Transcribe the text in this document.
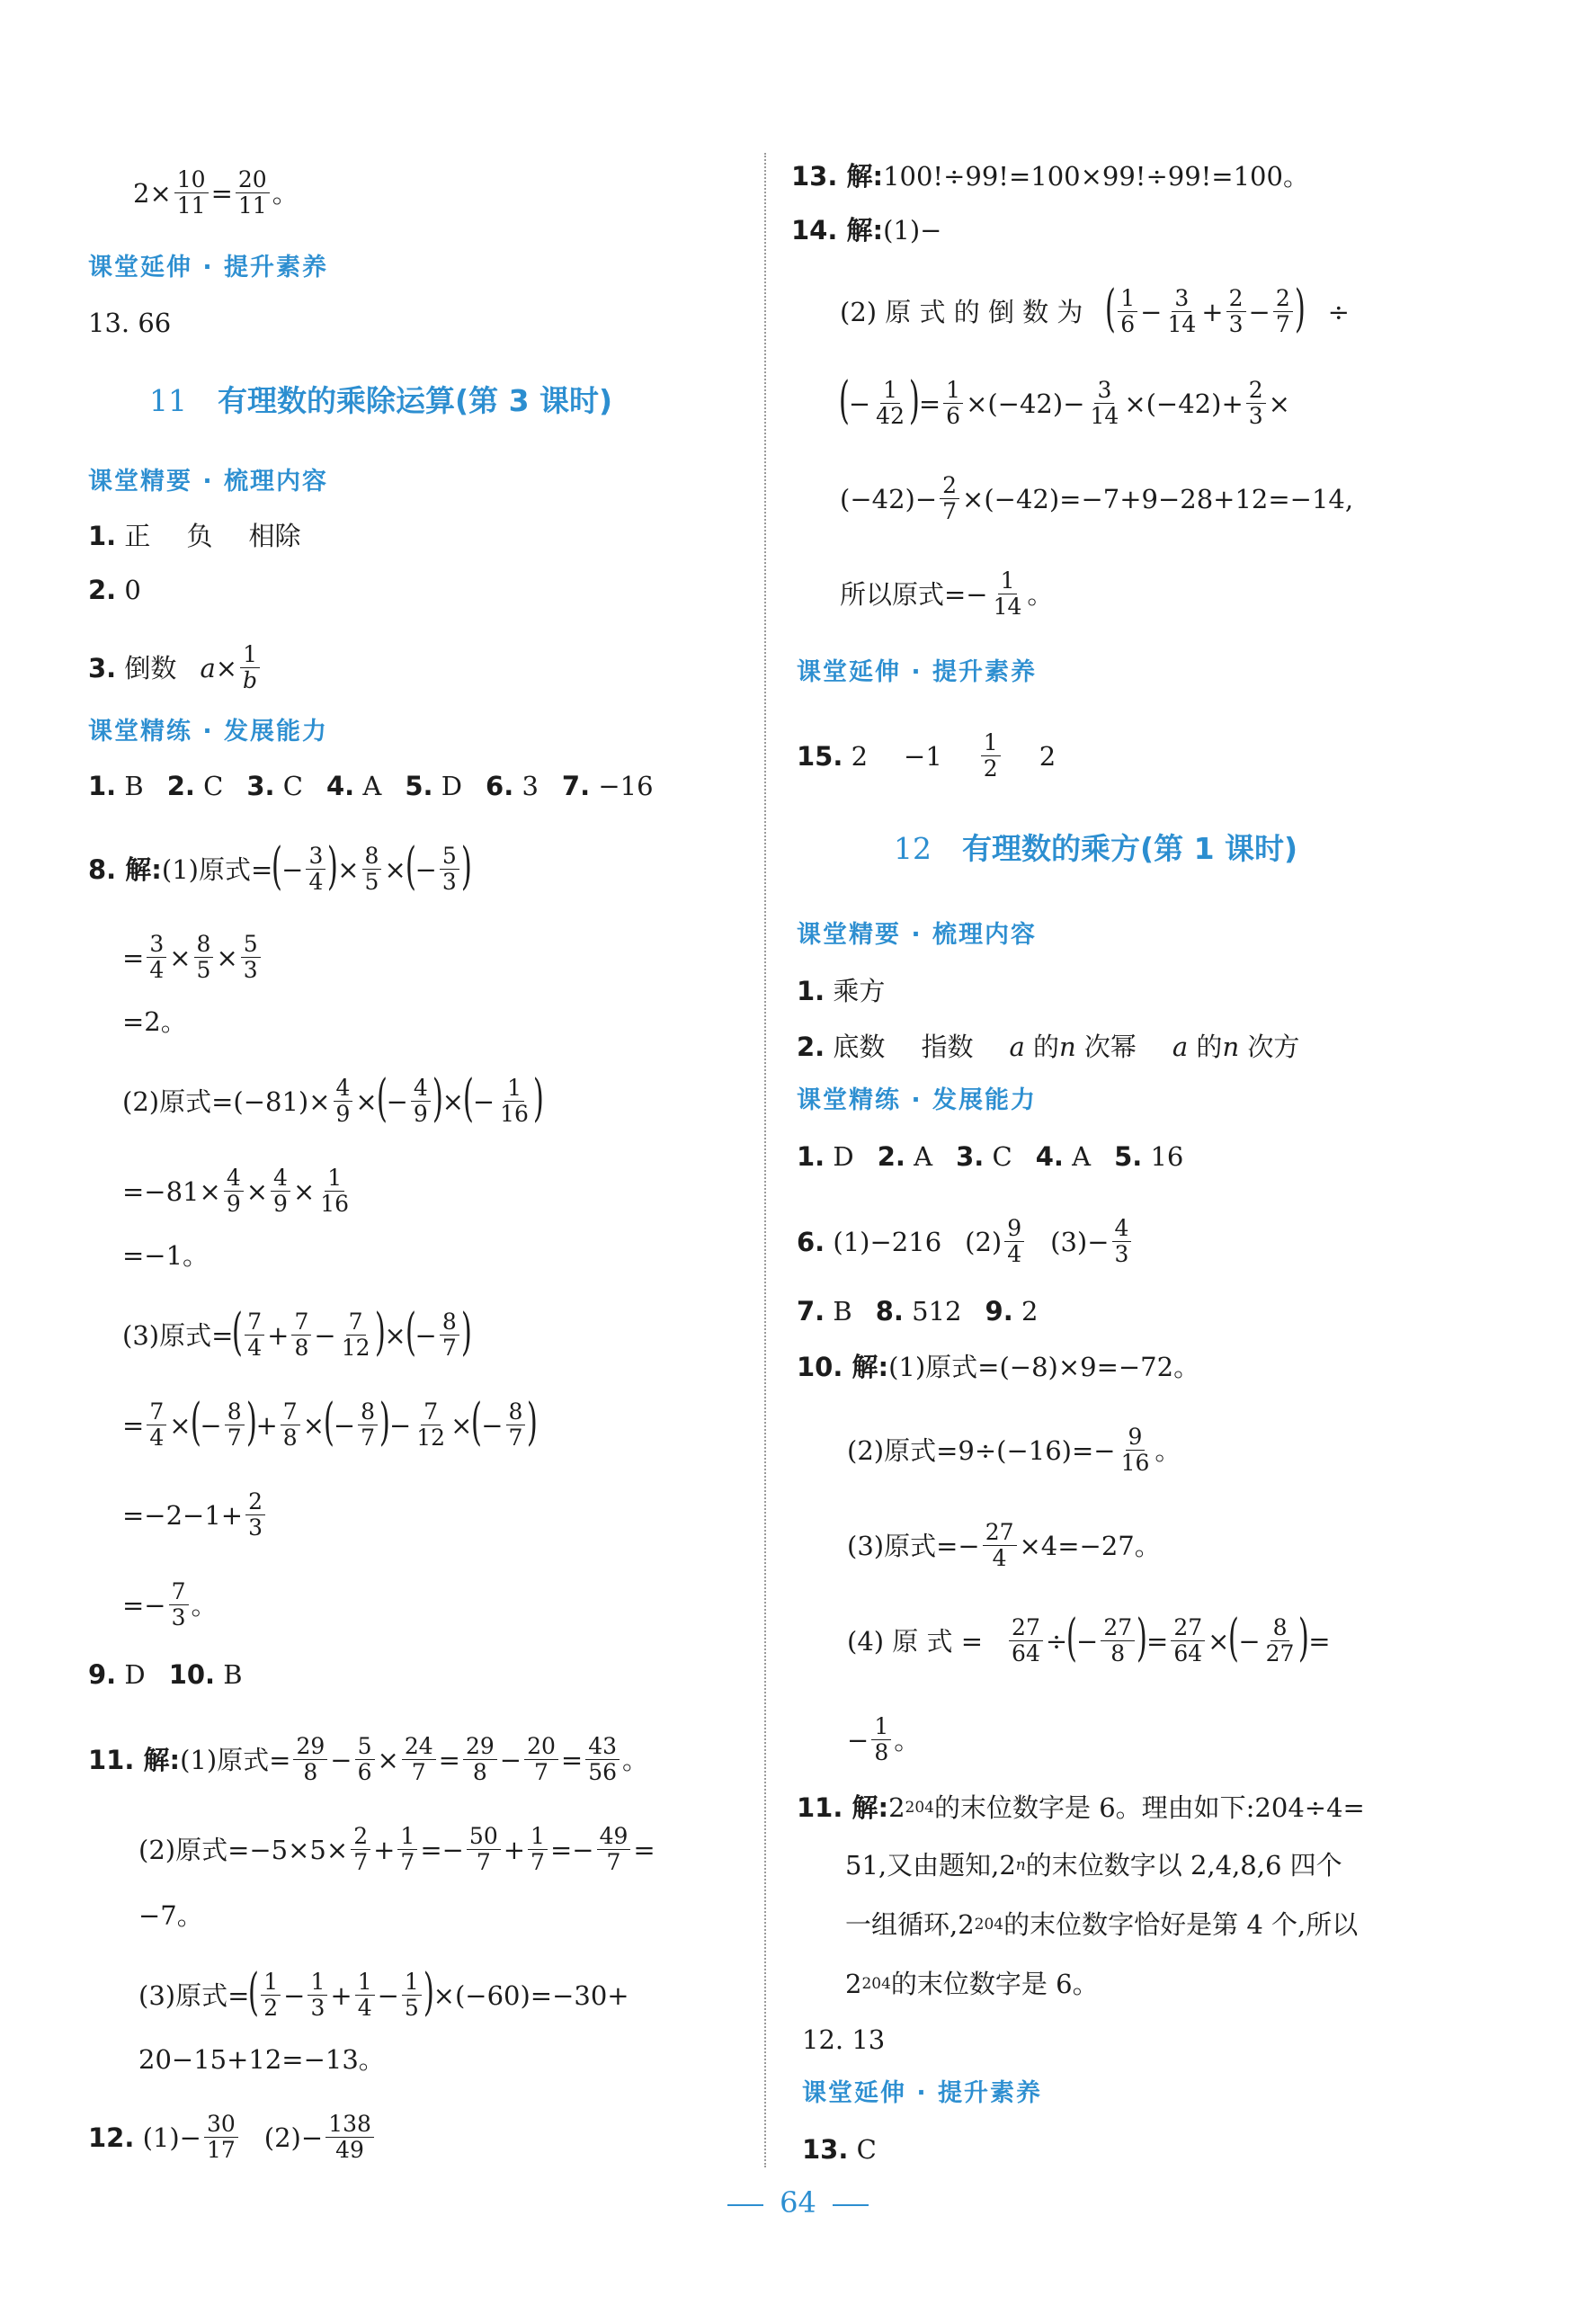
$2\times \frac{10}{11} = \frac{20}{11}$ 。
课堂延伸 · 提升素养
13. 66
11 有理数的乘除运算(第 3 课时)
课堂精要 · 梳理内容
1.
正 负 相除
2.
0
3.
倒数 $a\times \frac{1}{b}$
课堂精练 · 发展能力
1.
B 2.
C 3.
C 4.
A 5.
D 6.
3 7.
−16
8. 解: (1)原式=
(
− $\frac{3}{4}$ )
× $\frac{8}{5}$ ×
(
− $\frac{5}{3}$ )
= $\frac{3}{4} \times \frac{8}{5} \times \frac{5}{3}$
=2。
(2)原式$=(-81)\times \frac{4}{9}$ ×
(
− $\frac{4}{9}$ )
×
(
− $\frac{1}{16}$ )
$=-81\times \frac{4}{9} \times \frac{4}{9} \times \frac{1}{16}$
=−1。
(3)原式=
( $\frac{7}{4} + \frac{7}{8} - \frac{7}{12}$ )
×
(
− $\frac{8}{7}$ )
= $\frac{7}{4}$ ×
(
− $\frac{8}{7}$ )
+ $\frac{7}{8}$ ×
(
− $\frac{8}{7}$ )
− $\frac{7}{12}$ ×
(
− $\frac{8}{7}$ )
$=-2-1+ \frac{2}{3}$
=− $\frac{7}{3}$ 。
9.
D 10.
B
11. 解: (1)原式= $\frac{29}{8} - \frac{5}{6} \times \frac{24}{7} = \frac{29}{8} - \frac{20}{7} = \frac{43}{56}$ 。
(2)原式$=-5\times 5\times \frac{2}{7} + \frac{1}{7} =- \frac{50}{7} + \frac{1}{7} =- \frac{49}{7}$ =
−7。
(3)原式=
( $\frac{1}{2} - \frac{1}{3} + \frac{1}{4} - \frac{1}{5}$ )
×(−60)=−30+
20−15+12=−13。
12.
$(1)- \frac{30}{17} (2)- \frac{138}{49}$
13. 解: 100!÷99!=100×99!÷99!=100。
14. 解: (1)−
(2) 原 式 的 倒 数 为 ( $\frac{1}{6} - \frac{3}{14} + \frac{2}{3} - \frac{2}{7}$ ) ÷
(
− $\frac{1}{42}$ )
= $\frac{1}{6} \times(-42)- \frac{3}{14} \times(-42)+ \frac{2}{3}$ ×
$(-42)- \frac{2}{7} \times(-42)=-7+9-28+12=-14$,
所以原式=− $\frac{1}{14}$ 。
课堂延伸 · 提升素养
15.
$2 -1 \frac{1}{2} 2$
12 有理数的乘方(第 1 课时)
课堂精要 · 梳理内容
1.
乘方
2.
底数 指数 a
的 n
次幂 a
的 n
次方
课堂精练 · 发展能力
1.
D 2.
A 3.
C 4.
A 5.
16
6.
(1)−216 $(2) \frac{9}{4} (3)- \frac{4}{3}$
7.
B 8.
512 9.
2
10. 解: (1)原式=(−8)×9=−72。
(2)原式$=9\div(-16)=- \frac{9}{16}$ 。
(3)原式=− $\frac{27}{4} \times 4=-27$。
(4) 原 式 = $\frac{27}{64}$ ÷
(
− $\frac{27}{8}$ )
= $\frac{27}{64}$ ×
(
− $\frac{8}{27}$ )
=
− $\frac{1}{8}$ 。
11. 解: 2 204 的末位数字是 6。理由如下:204÷4=
51,又由题知,2 n 的末位数字以 2,4,8,6 四个
一组循环,2 204 的末位数字恰好是第 4 个,所以
2 204 的末位数字是 6。
12. 13
课堂延伸 · 提升素养
13.
C
64
